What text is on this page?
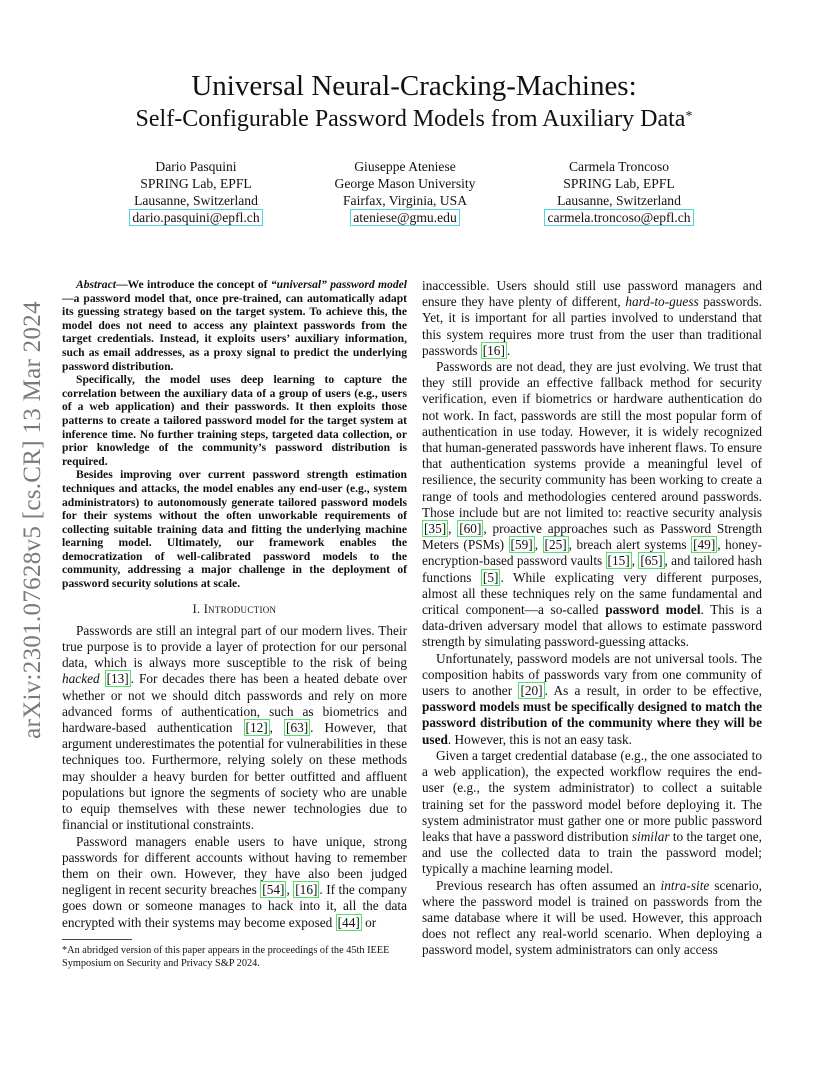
arXiv:2301.07628v5 [cs.CR] 13 Mar 2024
Universal Neural-Cracking-Machines:
Self-Configurable Password Models from Auxiliary Data*
Dario Pasquini
SPRING Lab, EPFL
Lausanne, Switzerland
dario.pasquini@epfl.ch
Giuseppe Ateniese
George Mason University
Fairfax, Virginia, USA
ateniese@gmu.edu
Carmela Troncoso
SPRING Lab, EPFL
Lausanne, Switzerland
carmela.troncoso@epfl.ch

Abstract—We introduce the concept of “universal” password model—a password model that, once pre-trained, can automatically adapt its guessing strategy based on the target system. To achieve this, the model does not need to access any plaintext passwords from the target credentials. Instead, it exploits users’ auxiliary information, such as email addresses, as a proxy signal to predict the underlying password distribution.

Specifically, the model uses deep learning to capture the correlation between the auxiliary data of a group of users (e.g., users of a web application) and their passwords. It then exploits those patterns to create a tailored password model for the target system at inference time. No further training steps, targeted data collection, or prior knowledge of the community’s password distribution is required.

Besides improving over current password strength estimation techniques and attacks, the model enables any end-user (e.g., system administrators) to autonomously generate tailored password models for their systems without the often unworkable requirements of collecting suitable training data and fitting the underlying machine learning model. Ultimately, our framework enables the democratization of well-calibrated password models to the community, addressing a major challenge in the deployment of password security solutions at scale.

I. Introduction

Passwords are still an integral part of our modern lives. Their true purpose is to provide a layer of protection for our personal data, which is always more susceptible to the risk of being hacked [13] . For decades there has been a heated debate over whether or not we should ditch passwords and rely on more advanced forms of authentication, such as biometrics and hardware-based authentication [12] , [63] . However, that argument underestimates the potential for vulnerabilities in these techniques too. Furthermore, relying solely on these methods may shoulder a heavy burden for better outfitted and affluent populations but ignore the segments of society who are unable to equip themselves with these newer technologies due to financial or institutional constraints.

Password managers enable users to have unique, strong passwords for different accounts without having to remember them on their own. However, they have also been judged negligent in recent security breaches [54] , [16] . If the company goes down or someone manages to hack into it, all the data encrypted with their systems may become exposed [44] or

*An abridged version of this paper appears in the proceedings of the 45th IEEE Symposium on Security and Privacy S&P 2024.

inaccessible. Users should still use password managers and ensure they have plenty of different, hard-to-guess passwords. Yet, it is important for all parties involved to understand that this system requires more trust from the user than traditional passwords [16] .

Passwords are not dead, they are just evolving. We trust that they still provide an effective fallback method for security verification, even if biometrics or hardware authentication do not work. In fact, passwords are still the most popular form of authentication in use today. However, it is widely recognized that human-generated passwords have inherent flaws. To ensure that authentication systems provide a meaningful level of resilience, the security community has been working to create a range of tools and methodologies centered around passwords. Those include but are not limited to: reactive security analysis [35] , [60] , proactive approaches such as Password Strength Meters (PSMs) [59] , [25] , breach alert systems [49] , honey-encryption-based password vaults [15] , [65] , and tailored hash functions [5] . While explicating very different purposes, almost all these techniques rely on the same fundamental and critical component—a so-called password model. This is a data-driven adversary model that allows to estimate password strength by simulating password-guessing attacks.

Unfortunately, password models are not universal tools. The composition habits of passwords vary from one community of users to another [20] . As a result, in order to be effective, password models must be specifically designed to match the password distribution of the community where they will be used. However, this is not an easy task.

Given a target credential database (e.g., the one associated to a web application), the expected workflow requires the end-user (e.g., the system administrator) to collect a suitable training set for the password model before deploying it. The system administrator must gather one or more public password leaks that have a password distribution similar to the target one, and use the collected data to train the password model; typically a machine learning model.

Previous research has often assumed an intra-site scenario, where the password model is trained on passwords from the same database where it will be used. However, this approach does not reflect any real-world scenario. When deploying a password model, system administrators can only access
